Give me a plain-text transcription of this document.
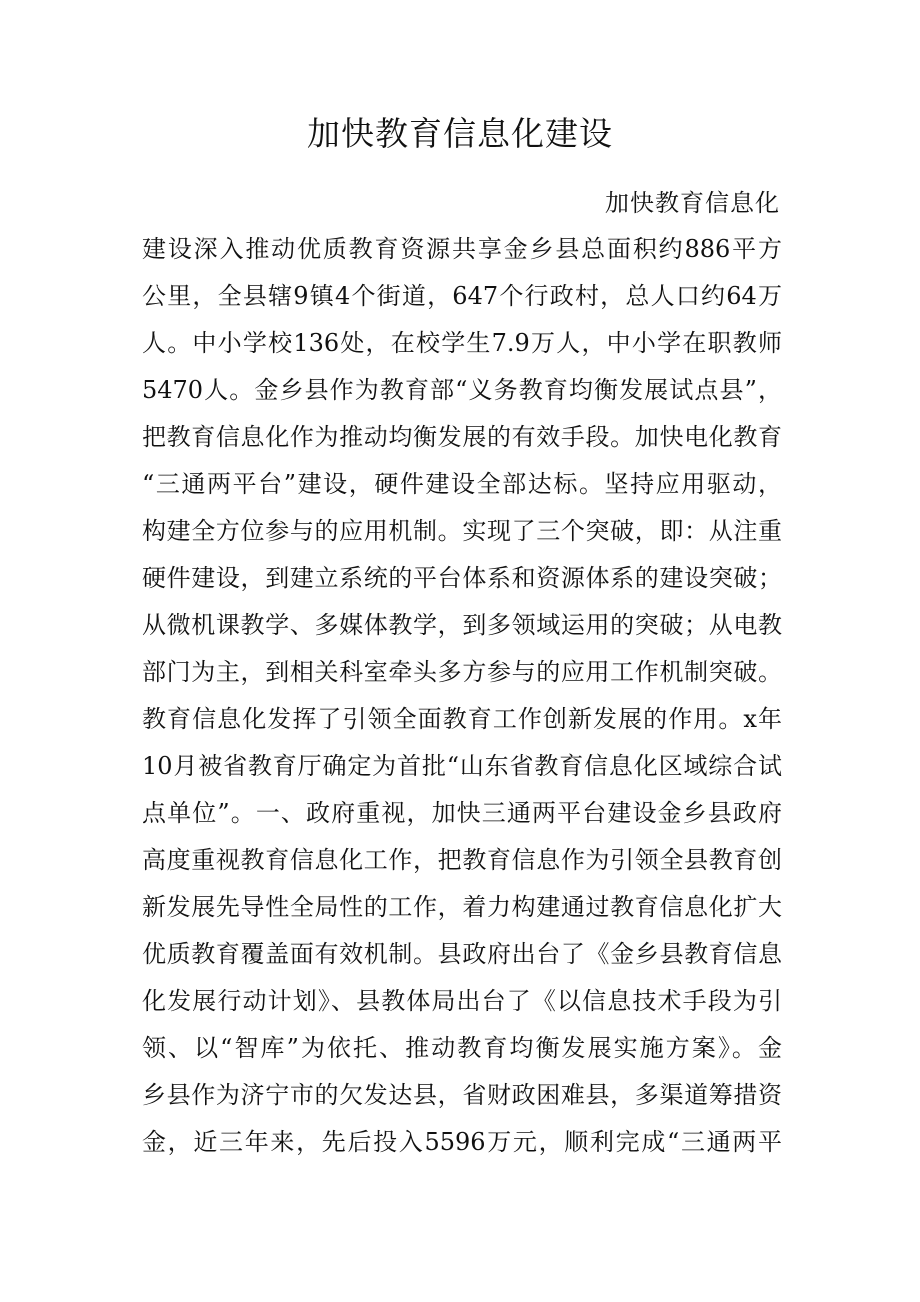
加快教育信息化建设

加快教育信息化

建设深入推动优质教育资源共享金乡县总面积约886平方
公里，全县辖9镇4个街道，647个行政村，总人口约64万
人。中小学校136处，在校学生7.9万人，中小学在职教师
5470人。金乡县作为教育部“义务教育均衡发展试点县”，
把教育信息化作为推动均衡发展的有效手段。加快电化教育
“三通两平台”建设，硬件建设全部达标。坚持应用驱动，
构建全方位参与的应用机制。实现了三个突破，即：从注重
硬件建设，到建立系统的平台体系和资源体系的建设突破；
从微机课教学、多媒体教学，到多领域运用的突破；从电教
部门为主，到相关科室牵头多方参与的应用工作机制突破。
教育信息化发挥了引领全面教育工作创新发展的作用。x年
10月被省教育厅确定为首批“山东省教育信息化区域综合试
点单位”。一、政府重视，加快三通两平台建设金乡县政府
高度重视教育信息化工作，把教育信息作为引领全县教育创
新发展先导性全局性的工作，着力构建通过教育信息化扩大
优质教育覆盖面有效机制。县政府出台了《金乡县教育信息
化发展行动计划》、县教体局出台了《以信息技术手段为引
领、以“智库”为依托、推动教育均衡发展实施方案》。金
乡县作为济宁市的欠发达县，省财政困难县，多渠道筹措资
金，近三年来，先后投入5596万元，顺利完成“三通两平
